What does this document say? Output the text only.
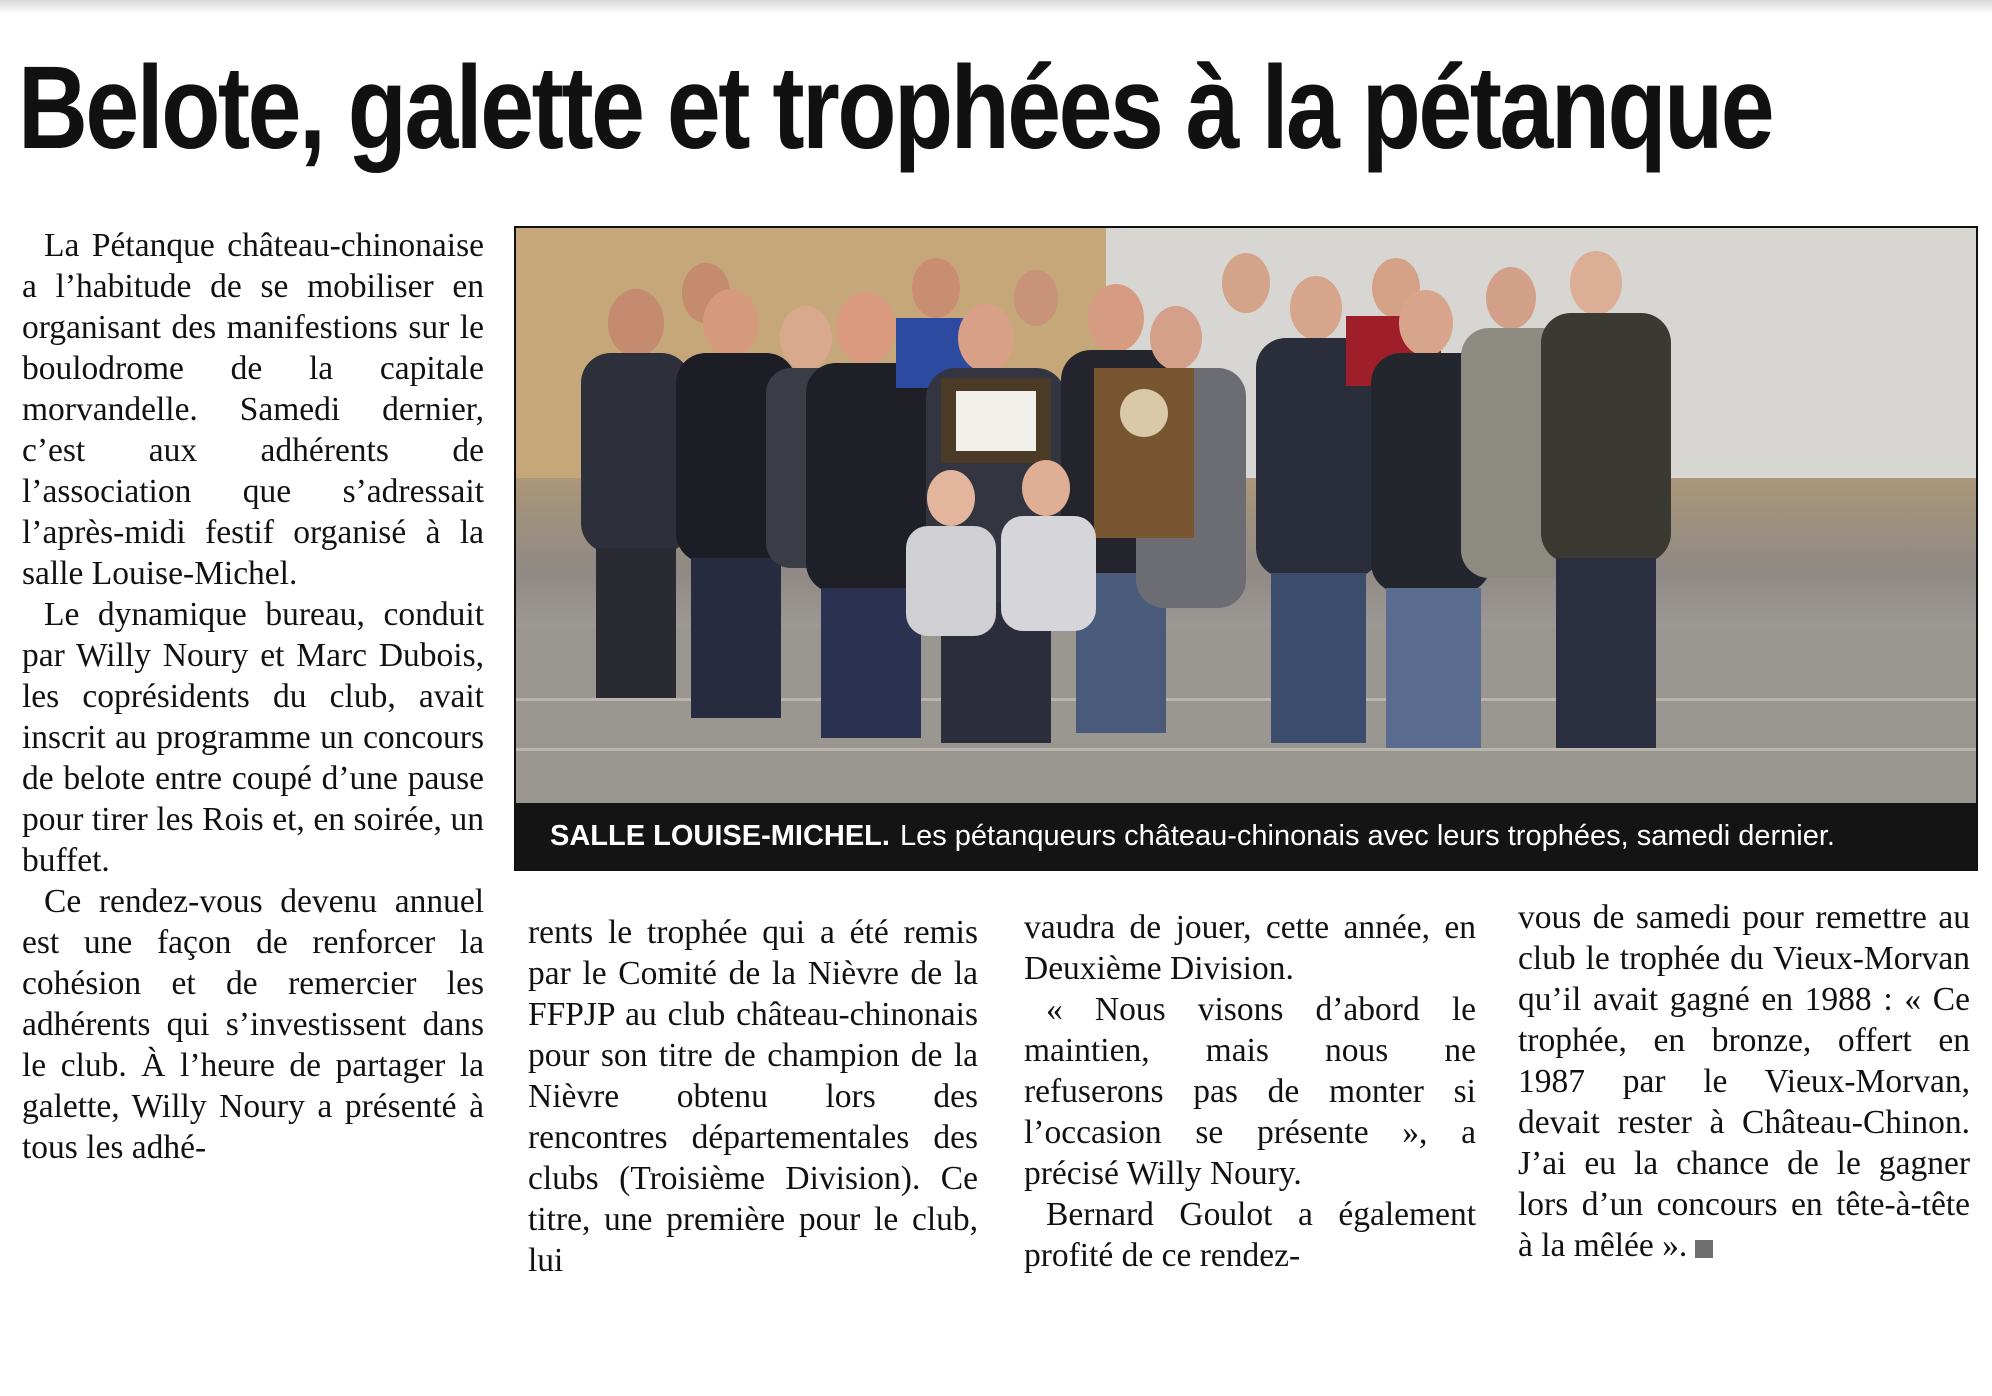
Belote, galette et trophées à la pétanque

La Pétanque château-chinonaise a l’habitude de se mobiliser en organisant des manifestions sur le boulodrome de la capitale morvandelle. Samedi dernier, c’est aux adhérents de l’association que s’adressait l’après-midi festif organisé à la salle Louise-Michel.

Le dynamique bureau, conduit par Willy Noury et Marc Dubois, les coprésidents du club, avait inscrit au programme un concours de belote entre coupé d’une pause pour tirer les Rois et, en soirée, un buffet.

Ce rendez-vous devenu annuel est une façon de renforcer la cohésion et de remercier les adhérents qui s’investissent dans le club. À l’heure de partager la galette, Willy Noury a présenté à tous les adhé-

SALLE LOUISE-MICHEL. Les pétanqueurs château-chinonais avec leurs trophées, samedi dernier.

rents le trophée qui a été remis par le Comité de la Nièvre de la FFPJP au club château-chinonais pour son titre de champion de la Nièvre obtenu lors des rencontres départementales des clubs (Troisième Division). Ce titre, une première pour le club, lui

vaudra de jouer, cette année, en Deuxième Division.

« Nous visons d’abord le maintien, mais nous ne refuserons pas de monter si l’occasion se présente », a précisé Willy Noury.

Bernard Goulot a également profité de ce rendez-

vous de samedi pour remettre au club le trophée du Vieux-Morvan qu’il avait gagné en 1988 : « Ce trophée, en bronze, offert en 1987 par le Vieux-Morvan, devait rester à Château-Chinon. J’ai eu la chance de le gagner lors d’un concours en tête-à-tête à la mêlée ».
